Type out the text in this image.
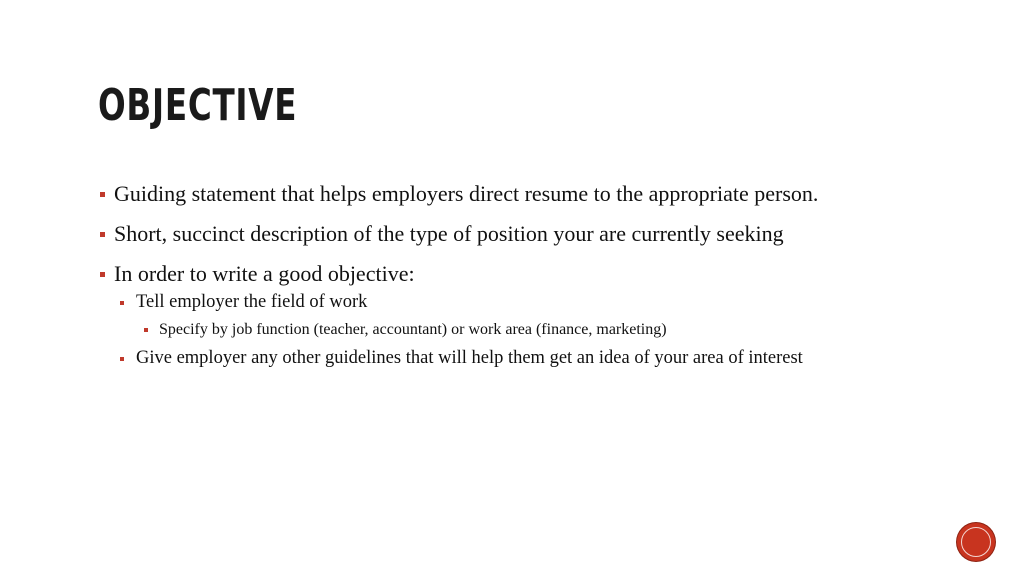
OBJECTIVE
Guiding statement that helps employers direct resume to the appropriate person.
Short, succinct description of the type of position your are currently seeking
In order to write a good objective:
Tell employer the field of work
Specify by job function (teacher, accountant) or work area (finance, marketing)
Give employer any other guidelines that will help them get an idea of your area of interest
